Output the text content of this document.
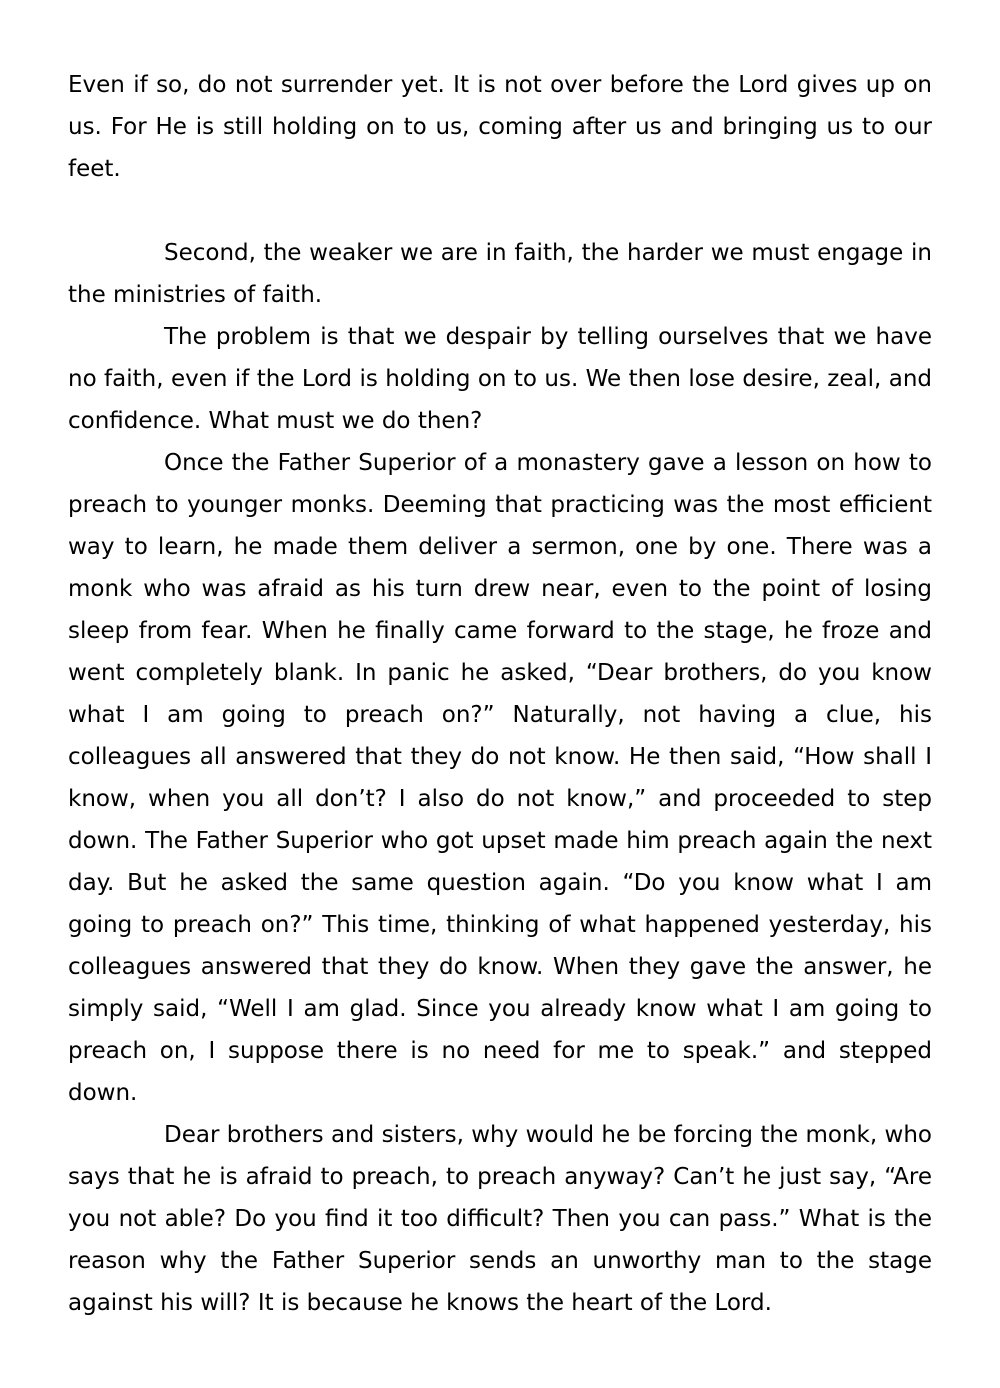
Even if so, do not surrender yet. It is not over before the Lord gives up on us. For He is still holding on to us, coming after us and bringing us to our feet.

Second, the weaker we are in faith, the harder we must engage in the ministries of faith.

The problem is that we despair by telling ourselves that we have no faith, even if the Lord is holding on to us. We then lose desire, zeal, and confidence. What must we do then?

Once the Father Superior of a monastery gave a lesson on how to preach to younger monks. Deeming that practicing was the most efficient way to learn, he made them deliver a sermon, one by one. There was a monk who was afraid as his turn drew near, even to the point of losing sleep from fear. When he finally came forward to the stage, he froze and went completely blank. In panic he asked, “Dear brothers, do you know what I am going to preach on?” Naturally, not having a clue, his colleagues all answered that they do not know. He then said, “How shall I know, when you all don’t? I also do not know,” and proceeded to step down. The Father Superior who got upset made him preach again the next day. But he asked the same question again. “Do you know what I am going to preach on?” This time, thinking of what happened yesterday, his colleagues answered that they do know. When they gave the answer, he simply said, “Well I am glad. Since you already know what I am going to preach on, I suppose there is no need for me to speak.” and stepped down.

Dear brothers and sisters, why would he be forcing the monk, who says that he is afraid to preach, to preach anyway? Can’t he just say, “Are you not able? Do you find it too difficult? Then you can pass.” What is the reason why the Father Superior sends an unworthy man to the stage against his will? It is because he knows the heart of the Lord.
